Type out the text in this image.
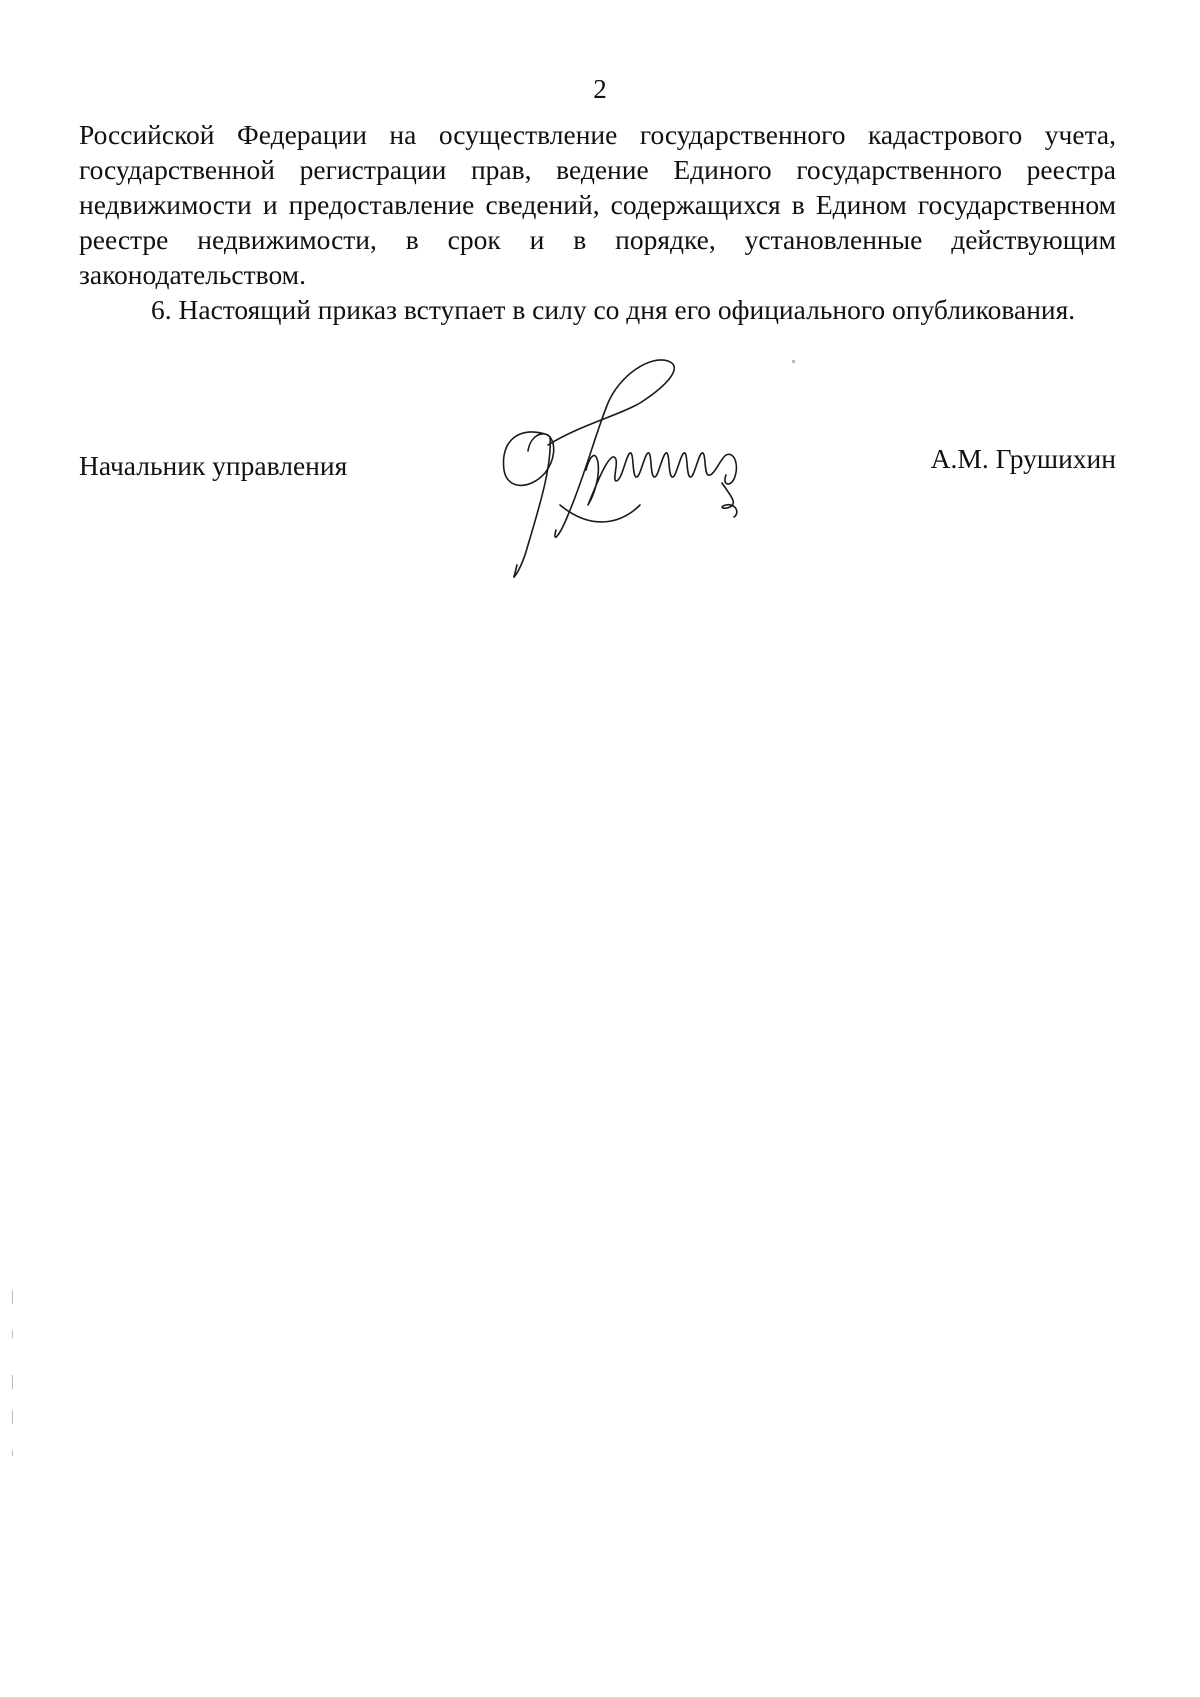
2
Российской Федерации на осуществление государственного кадастрового учета,
государственной регистрации прав, ведение Единого государственного реестра
недвижимости и предоставление сведений, содержащихся в Едином государственном
реестре недвижимости, в срок и в порядке, установленные действующим
законодательством.
6. Настоящий приказ вступает в силу со дня его официального опубликования.
Начальник управления	А.М. Грушихин
